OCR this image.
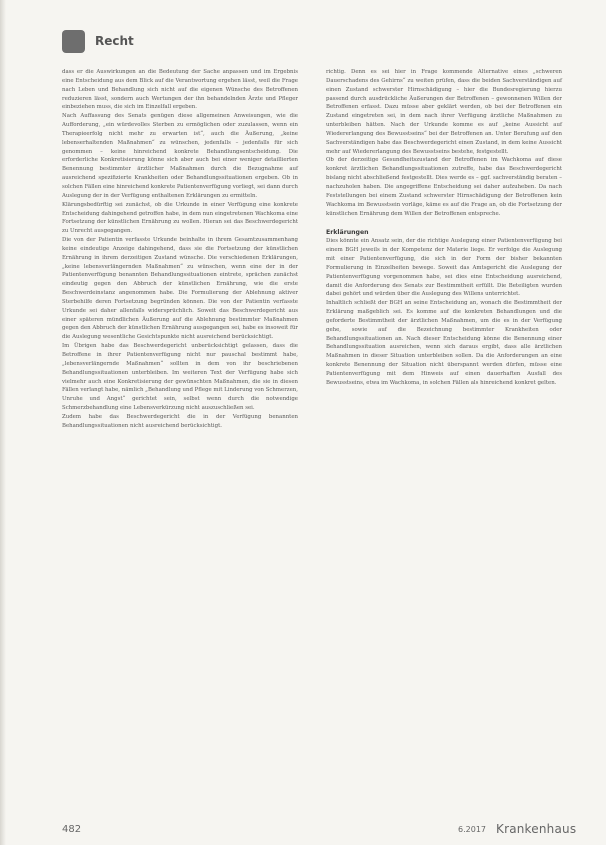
Recht

dass er die Auswirkungen an die Bedeutung der Sache anpassen und im Ergebnis eine Entscheidung aus dem Blick auf die Verantwortung ergehen lässt, weil die Frage nach Leben und Behandlung sich nicht auf die eigenen Wünsche des Betroffenen reduzieren lässt, sondern auch Wertungen der ihn behandelnden Ärzte und Pfleger einbeziehen muss, die sich im Einzelfall ergeben.

Nach Auffassung des Senats genügen diese allgemeinen Anweisungen, wie die Aufforderung, „ein würdevolles Sterben zu ermöglichen oder zuzulassen, wenn ein Therapieerfolg nicht mehr zu erwarten ist“, auch die Äußerung, „keine lebenserhaltenden Maßnahmen“ zu wünschen, jedenfalls – jedenfalls für sich genommen – keine hinreichend konkrete Behandlungsentscheidung. Die erforderliche Konkretisierung könne sich aber auch bei einer weniger detaillierten Benennung bestimmter ärztlicher Maßnahmen durch die Bezugnahme auf ausreichend spezifizierte Krankheiten oder Behandlungssituationen ergeben. Ob in solchen Fällen eine hinreichend konkrete Patientenverfügung vorliegt, sei dann durch Auslegung der in der Verfügung enthaltenen Erklärungen zu ermitteln.

Klärungsbedürftig sei zunächst, ob die Urkunde in einer Verfügung eine konkrete Entscheidung dahingehend getroffen habe, in dem nun eingetretenen Wachkoma eine Fortsetzung der künstlichen Ernährung zu wollen. Hieran sei das Beschwerdegericht zu Unrecht ausgegangen.

Die von der Patientin verfasste Urkunde beinhalte in ihrem Gesamtzusammenhang keine eindeutige Anzeige dahingehend, dass sie die Fortsetzung der künstlichen Ernährung in ihrem derzeitigen Zustand wünsche. Die verschiedenen Erklärungen, „keine lebensverlängernden Maßnahmen“ zu wünschen, wenn eine der in der Patientenverfügung benannten Behandlungssituationen eintrete, sprächen zunächst eindeutig gegen den Abbruch der künstlichen Ernährung, wie die erste Beschwerdeinstanz angenommen habe. Die Formulierung der Ablehnung aktiver Sterbehilfe deren Fortsetzung begründen können. Die von der Patientin verfasste Urkunde sei daher allenfalls widersprüchlich. Soweit das Beschwerdegericht aus einer späteren mündlichen Äußerung auf die Ablehnung bestimmter Maßnahmen gegen den Abbruch der künstlichen Ernährung ausgegangen sei, habe es insoweit für die Auslegung wesentliche Gesichtspunkte nicht ausreichend berücksichtigt.

Im Übrigen habe das Beschwerdegericht unberücksichtigt gelassen, dass die Betroffene in ihrer Patientenverfügung nicht nur pauschal bestimmt habe, „lebensverlängernde Maßnahmen“ sollten in dem von ihr beschriebenen Behandlungssituationen unterbleiben. Im weiteren Text der Verfügung habe sich vielmehr auch eine Konkretisierung der gewünschten Maßnahmen, die sie in diesen Fällen verlangt habe, nämlich „Behandlung und Pflege mit Linderung von Schmerzen, Unruhe und Angst“ gerichtet sein, selbst wenn durch die notwendige Schmerzbehandlung eine Lebensverkürzung nicht auszuschließen sei.

Zudem habe das Beschwerdegericht die in der Verfügung benannten Behandlungssituationen nicht ausreichend berücksichtigt.

richtig. Denn es sei hier in Frage kommende Alternative eines „schweren Dauerschadens des Gehirns“ zu weiten prüfen, dass die beiden Sachverständigen auf einen Zustand schwerster Hirnschädigung – hier die Bundesregierung hierzu passend durch ausdrückliche Äußerungen der Betroffenen – gewonnenen Willen der Betroffenen erfasst. Dazu müsse aber geklärt werden, ob bei der Betroffenen ein Zustand eingetreten sei, in dem nach ihrer Verfügung ärztliche Maßnahmen zu unterbleiben hätten. Nach der Urkunde komme es auf „keine Aussicht auf Wiedererlangung des Bewusstseins“ bei der Betroffenen an. Unter Berufung auf den Sachverständigen habe das Beschwerdegericht einen Zustand, in dem keine Aussicht mehr auf Wiedererlangung des Bewusstseins bestehe, festgestellt.

Ob der derzeitige Gesundheitszustand der Betroffenen im Wachkoma auf diese konkret ärztlichen Behandlungssituationen zutreffe, habe das Beschwerdegericht bislang nicht abschließend festgestellt. Dies werde es – ggf. sachverständig beraten – nachzuholen haben. Die angegriffene Entscheidung sei daher aufzuheben. Da nach Feststellungen bei einem Zustand schwerster Hirnschädigung der Betroffenen kein Wachkoma im Bewusstsein vorläge, käme es auf die Frage an, ob die Fortsetzung der künstlichen Ernährung dem Willen der Betroffenen entspreche.

Erklärungen

Dies könnte ein Ansatz sein, der die richtige Auslegung einer Patientenverfügung bei einem BGH jeweils in der Kompetenz der Materie liege. Er verfolge die Auslegung mit einer Patientenverfügung, die sich in der Form der bisher bekannten Formulierung in Einzelheiten bewege. Soweit das Amtsgericht die Auslegung der Patientenverfügung vorgenommen habe, sei dies eine Entscheidung ausreichend, damit die Anforderung des Senats zur Bestimmtheit erfüllt. Die Beteiligten wurden dabei gehört und würden über die Auslegung des Willens unterrichtet.

Inhaltlich schließt der BGH an seine Entscheidung an, wonach die Bestimmtheit der Erklärung maßgeblich sei. Es komme auf die konkreten Behandlungen und die geforderte Bestimmtheit der ärztlichen Maßnahmen, um die es in der Verfügung gehe, sowie auf die Bezeichnung bestimmter Krankheiten oder Behandlungssituationen an. Nach dieser Entscheidung könne die Benennung einer Behandlungssituation ausreichen, wenn sich daraus ergibt, dass alle ärztlichen Maßnahmen in dieser Situation unterbleiben sollen. Da die Anforderungen an eine konkrete Benennung der Situation nicht überspannt werden dürfen, müsse eine Patientenverfügung mit dem Hinweis auf einen dauerhaften Ausfall des Bewusstseins, etwa im Wachkoma, in solchen Fällen als hinreichend konkret gelten.

482	6.2017 Krankenhaus
